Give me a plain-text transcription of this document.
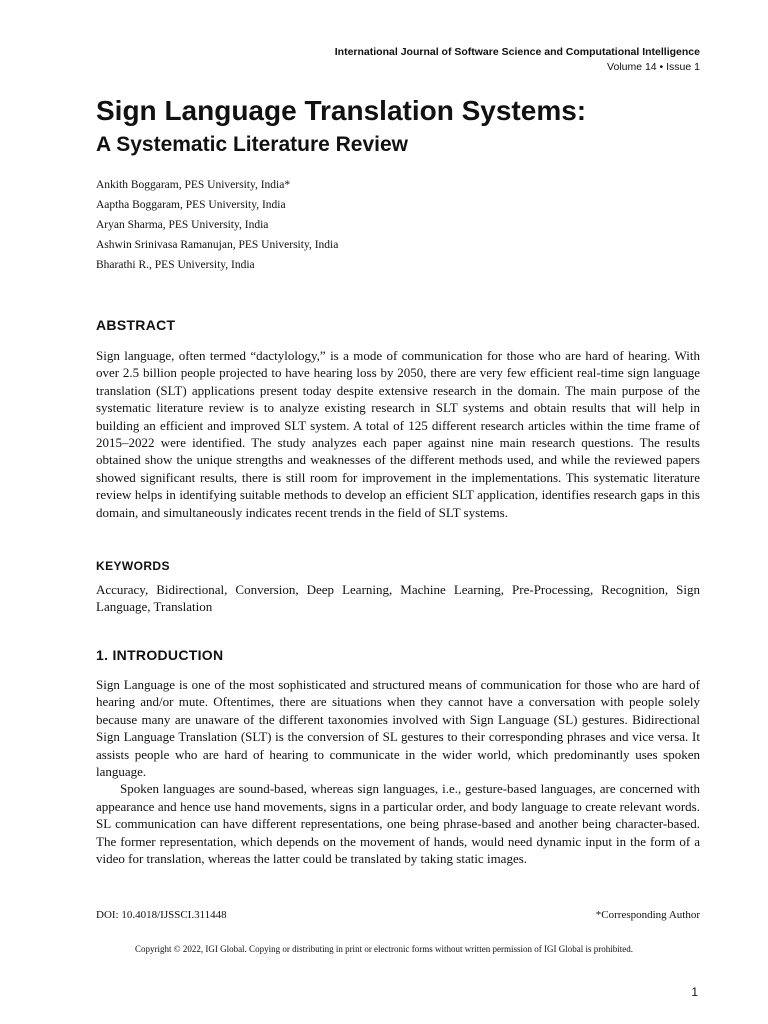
International Journal of Software Science and Computational Intelligence
Volume 14 • Issue 1
Sign Language Translation Systems:
A Systematic Literature Review
Ankith Boggaram, PES University, India*
Aaptha Boggaram, PES University, India
Aryan Sharma, PES University, India
Ashwin Srinivasa Ramanujan, PES University, India
Bharathi R., PES University, India
ABSTRACT
Sign language, often termed “dactylology,” is a mode of communication for those who are hard of hearing. With over 2.5 billion people projected to have hearing loss by 2050, there are very few efficient real-time sign language translation (SLT) applications present today despite extensive research in the domain. The main purpose of the systematic literature review is to analyze existing research in SLT systems and obtain results that will help in building an efficient and improved SLT system. A total of 125 different research articles within the time frame of 2015–2022 were identified. The study analyzes each paper against nine main research questions. The results obtained show the unique strengths and weaknesses of the different methods used, and while the reviewed papers showed significant results, there is still room for improvement in the implementations. This systematic literature review helps in identifying suitable methods to develop an efficient SLT application, identifies research gaps in this domain, and simultaneously indicates recent trends in the field of SLT systems.
KEYWORDS
Accuracy, Bidirectional, Conversion, Deep Learning, Machine Learning, Pre-Processing, Recognition, Sign Language, Translation
1. INTRODUCTION

Sign Language is one of the most sophisticated and structured means of communication for those who are hard of hearing and/or mute. Oftentimes, there are situations when they cannot have a conversation with people solely because many are unaware of the different taxonomies involved with Sign Language (SL) gestures. Bidirectional Sign Language Translation (SLT) is the conversion of SL gestures to their corresponding phrases and vice versa. It assists people who are hard of hearing to communicate in the wider world, which predominantly uses spoken language.

Spoken languages are sound-based, whereas sign languages, i.e., gesture-based languages, are concerned with appearance and hence use hand movements, signs in a particular order, and body language to create relevant words. SL communication can have different representations, one being phrase-based and another being character-based. The former representation, which depends on the movement of hands, would need dynamic input in the form of a video for translation, whereas the latter could be translated by taking static images.

DOI: 10.4018/IJSSCI.311448	*Corresponding Author
Copyright © 2022, IGI Global. Copying or distributing in print or electronic forms without written permission of IGI Global is prohibited.
1
